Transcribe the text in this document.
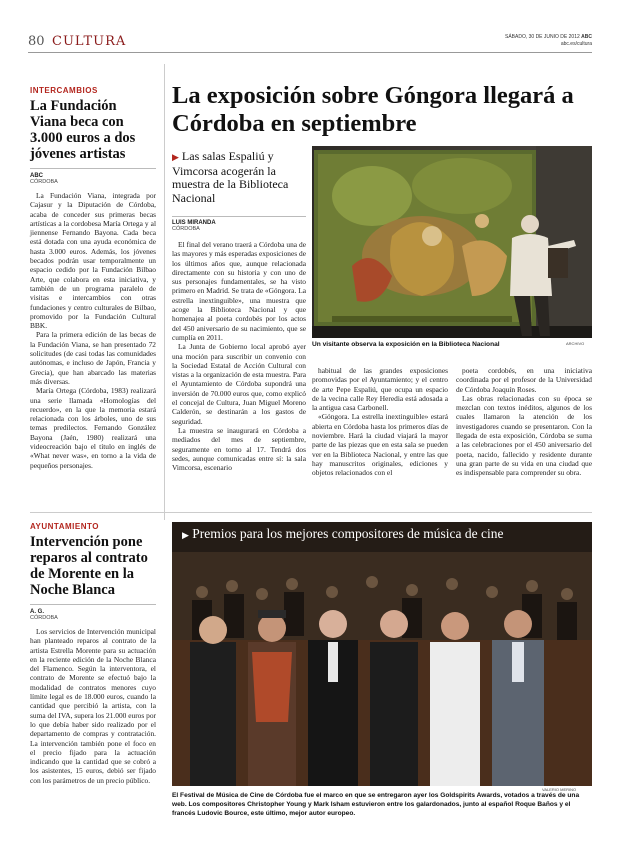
80 CULTURA	SÁBADO, 30 DE JUNIO DE 2012 ABC
abc.es/cultura
INTERCAMBIOS
La Fundación Viana beca con 3.000 euros a dos jóvenes artistas
ABC
CÓRDOBA

La Fundación Viana, integrada por Cajasur y la Diputación de Córdoba, acaba de conceder sus primeras becas artísticas a la cordobesa María Ortega y al jiennense Fernando Bayona. Cada beca está dotada con una ayuda económica de hasta 3.000 euros. Además, los jóvenes becados podrán usar temporalmente un espacio cedido por la Fundación Bilbao Arte, que colabora en esta iniciativa, y también de un programa paralelo de visitas e intercambios con otras fundaciones y centro culturales de Bilbao, promovido por la Fundación Cultural BBK.

Para la primera edición de las becas de la Fundación Viana, se han presentado 72 solicitudes (de casi todas las comunidades autónomas, e incluso de Japón, Francia y Grecia), que han abarcado las materias más diversas.

María Ortega (Córdoba, 1983) realizará una serie llamada «Homologías del recuerdo», en la que la memoria estará relacionada con los árboles, uno de sus temas predilectos. Fernando González Bayona (Jaén, 1980) realizará una videocreación bajo el título en inglés de «What never was», en torno a la vida de pequeños personajes.

AYUNTAMIENTO
Intervención pone reparos al contrato de Morente en la Noche Blanca
A. G.
CÓRDOBA

Los servicios de Intervención municipal han planteado reparos al contrato de la artista Estrella Morente para su actuación en la reciente edición de la Noche Blanca del Flamenco. Según la interventora, el contrato de Morente se efectuó bajo la modalidad de contratos menores cuyo límite legal es de 18.000 euros, cuando la cantidad que percibió la artista, con la suma del IVA, supera los 21.000 euros por lo que debía haber sido realizado por el departamento de compras y contratación. La intervención también pone el foco en el precio fijado para la actuación indicando que la cantidad que se cobró a los asistentes, 15 euros, debió ser fijado con los parámetros de un precio público.

La exposición sobre Góngora llegará a Córdoba en septiembre
▶ Las salas Espaliú y Vimcorsa acogerán la muestra de la Biblioteca Nacional
LUIS MIRANDA
CÓRDOBA

El final del verano traerá a Córdoba una de las mayores y más esperadas exposiciones de los últimos años que, aunque relacionada directamente con su historia y con uno de sus personajes fundamentales, se ha visto primero en Madrid. Se trata de «Góngora. La estrella inextinguible», una muestra que acoge la Biblioteca Nacional y que homenajea al poeta cordobés por los actos del 450 aniversario de su nacimiento, que se cumplía en 2011.

La Junta de Gobierno local aprobó ayer una moción para suscribir un convenio con la Sociedad Estatal de Acción Cultural con vistas a la organización de esta muestra. Para el Ayuntamiento de Córdoba supondrá una inversión de 70.000 euros que, como explicó el concejal de Cultura, Juan Miguel Moreno Calderón, se destinarán a los gastos de seguridad.

La muestra se inaugurará en Córdoba a mediados del mes de septiembre, seguramente en torno al 17. Tendrá dos sedes, aunque comunicadas entre sí: la sala Vimcorsa, escenario

ARCHIVO
Un visitante observa la exposición en la Biblioteca Nacional

habitual de las grandes exposiciones promovidas por el Ayuntamiento; y el centro de arte Pepe Espaliú, que ocupa un espacio de la vecina calle Rey Heredia está adosada a la antigua casa Carbonell.

«Góngora. La estrella inextinguible» estará abierta en Córdoba hasta los primeros días de noviembre. Hará la ciudad viajará la mayor parte de las piezas que en esta sala se pueden ver en la Biblioteca Nacional, y entre las que hay manuscritos originales, ediciones y objetos relacionados con el

poeta cordobés, en una iniciativa coordinada por el profesor de la Universidad de Córdoba Joaquín Roses.

Las obras relacionadas con su época se mezclan con textos inéditos, algunos de los cuales llamaron la atención de los investigadores cuando se presentaron. Con la llegada de esta exposición, Córdoba se suma a las celebraciones por el 450 aniversario del poeta, nacido, fallecido y residente durante una gran parte de su vida en una ciudad que es indispensable para comprender su obra.

▶ Premios para los mejores compositores de música de cine
VALERIO MERINO
El Festival de Música de Cine de Córdoba fue el marco en que se entregaron ayer los Goldspirits Awards, votados a través de una web. Los compositores Christopher Young y Mark Isham estuvieron entre los galardonados, junto al español Roque Baños y el francés Ludovic Bource, este último, mejor autor europeo.
